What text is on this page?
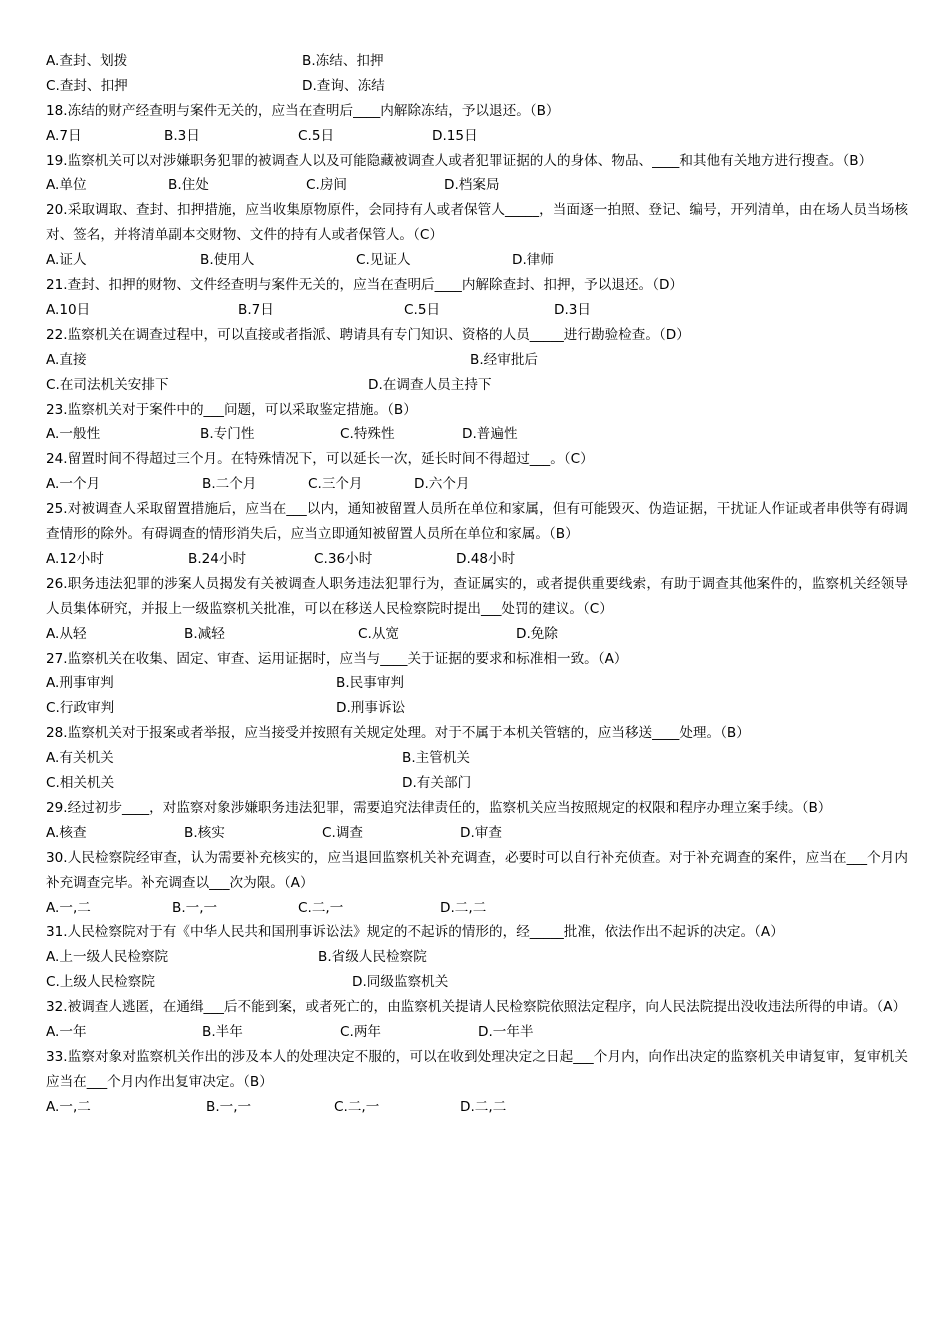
A.查封、划拨	B.冻结、扣押
C.查封、扣押	D.查询、冻结
18.冻结的财产经查明与案件无关的，应当在查明后____内解除冻结，予以退还。（B）
A.7日	B.3日	C.5日	D.15日
19.监察机关可以对涉嫌职务犯罪的被调查人以及可能隐藏被调查人或者犯罪证据的人的身体、物品、____和其他有关地方进行搜查。（B）
A.单位	B.住处	C.房间	D.档案局
20.采取调取、查封、扣押措施，应当收集原物原件，会同持有人或者保管人_____，当面逐一拍照、登记、编号，开列清单，由在场人员当场核对、签名，并将清单副本交财物、文件的持有人或者保管人。（C）
A.证人	B.使用人	C.见证人	D.律师
21.查封、扣押的财物、文件经查明与案件无关的，应当在查明后____内解除查封、扣押，予以退还。（D）
A.10日	B.7日	C.5日	D.3日
22.监察机关在调查过程中，可以直接或者指派、聘请具有专门知识、资格的人员_____进行勘验检查。（D）
A.直接	B.经审批后
C.在司法机关安排下	D.在调查人员主持下
23.监察机关对于案件中的___问题，可以采取鉴定措施。（B）
A.一般性	B.专门性	C.特殊性	D.普遍性
24.留置时间不得超过三个月。在特殊情况下，可以延长一次，延长时间不得超过___。（C）
A.一个月	B.二个月	C.三个月	D.六个月
25.对被调查人采取留置措施后，应当在___以内，通知被留置人员所在单位和家属，但有可能毁灭、伪造证据，干扰证人作证或者串供等有碍调查情形的除外。有碍调查的情形消失后，应当立即通知被留置人员所在单位和家属。（B）
A.12小时	B.24小时	C.36小时	D.48小时
26.职务违法犯罪的涉案人员揭发有关被调查人职务违法犯罪行为，查证属实的，或者提供重要线索，有助于调查其他案件的，监察机关经领导人员集体研究，并报上一级监察机关批准，可以在移送人民检察院时提出___处罚的建议。（C）
A.从轻	B.减轻	C.从宽	D.免除
27.监察机关在收集、固定、审查、运用证据时，应当与____关于证据的要求和标准相一致。（A）
A.刑事审判	B.民事审判
C.行政审判	D.刑事诉讼
28.监察机关对于报案或者举报，应当接受并按照有关规定处理。对于不属于本机关管辖的，应当移送____处理。（B）
A.有关机关	B.主管机关
C.相关机关	D.有关部门
29.经过初步____，对监察对象涉嫌职务违法犯罪，需要追究法律责任的，监察机关应当按照规定的权限和程序办理立案手续。（B）
A.核查	B.核实	C.调查	D.审查
30.人民检察院经审查，认为需要补充核实的，应当退回监察机关补充调查，必要时可以自行补充侦查。对于补充调查的案件，应当在___个月内补充调查完毕。补充调查以___次为限。（A）
A.一,二	B.一,一	C.二,一	D.二,二
31.人民检察院对于有《中华人民共和国刑事诉讼法》规定的不起诉的情形的，经_____批准，依法作出不起诉的决定。（A）
A.上一级人民检察院	B.省级人民检察院
C.上级人民检察院	D.同级监察机关
32.被调查人逃匿，在通缉___后不能到案，或者死亡的，由监察机关提请人民检察院依照法定程序，向人民法院提出没收违法所得的申请。（A）
A.一年	B.半年	C.两年	D.一年半
33.监察对象对监察机关作出的涉及本人的处理决定不服的，可以在收到处理决定之日起___个月内，向作出决定的监察机关申请复审，复审机关应当在___个月内作出复审决定。（B）
A.一,二	B.一,一	C.二,一	D.二,二
